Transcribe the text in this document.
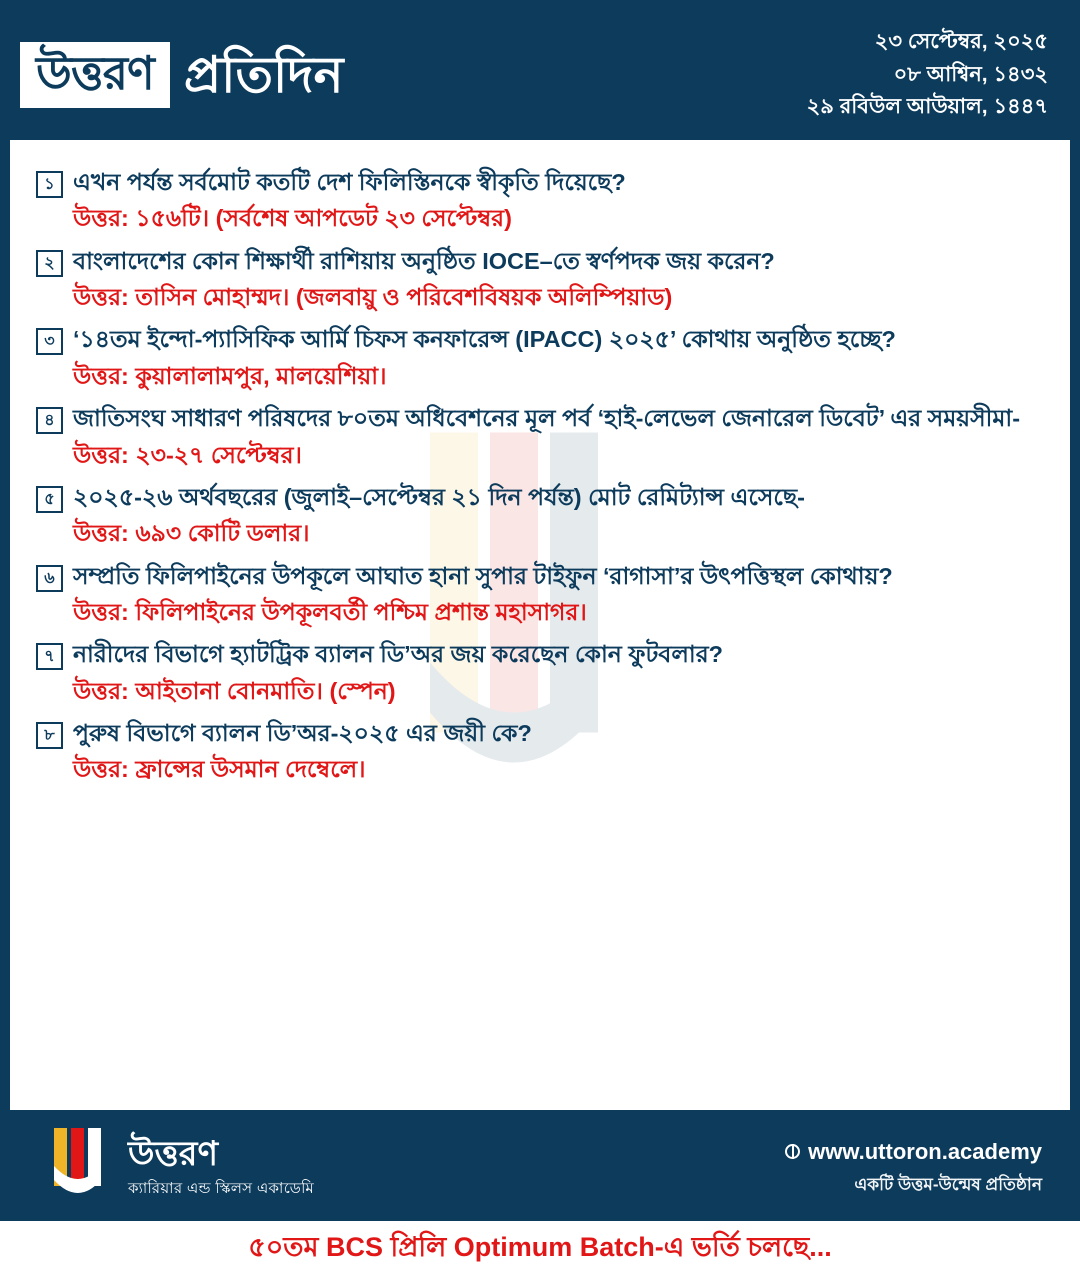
উত্তরণ প্রতিদিন
২৩ সেপ্টেম্বর, ২০২৫
০৮ আশ্বিন, ১৪৩২
২৯ রবিউল আউয়াল, ১৪৪৭
১ এখন পর্যন্ত সর্বমোট কতটি দেশ ফিলিস্তিনকে স্বীকৃতি দিয়েছে?
উত্তর: ১৫৬টি। (সর্বশেষ আপডেট ২৩ সেপ্টেম্বর)
২ বাংলাদেশের কোন শিক্ষার্থী রাশিয়ায় অনুষ্ঠিত IOCE–তে স্বর্ণপদক জয় করেন?
উত্তর: তাসিন মোহাম্মদ। (জলবায়ু ও পরিবেশবিষয়ক অলিম্পিয়াড)
৩ ‘১৪তম ইন্দো-প্যাসিফিক আর্মি চিফস কনফারেন্স (IPACC) ২০২৫’ কোথায় অনুষ্ঠিত হচ্ছে?
উত্তর: কুয়ালালামপুর, মালয়েশিয়া।
৪ জাতিসংঘ সাধারণ পরিষদের ৮০তম অধিবেশনের মূল পর্ব ‘হাই-লেভেল জেনারেল ডিবেট’ এর সময়সীমা-
উত্তর: ২৩-২৭ সেপ্টেম্বর।
৫ ২০২৫-২৬ অর্থবছরের (জুলাই–সেপ্টেম্বর ২১ দিন পর্যন্ত) মোট রেমিট্যান্স এসেছে-
উত্তর: ৬৯৩ কোটি ডলার।
৬ সম্প্রতি ফিলিপাইনের উপকূলে আঘাত হানা সুপার টাইফুন ‘রাগাসা’র উৎপত্তিস্থল কোথায়?
উত্তর: ফিলিপাইনের উপকূলবর্তী পশ্চিম প্রশান্ত মহাসাগর।
৭ নারীদের বিভাগে হ্যাটট্রিক ব্যালন ডি’অর জয় করেছেন কোন ফুটবলার?
উত্তর: আইতানা বোনমাতি। (স্পেন)
৮ পুরুষ বিভাগে ব্যালন ডি’অর-২০২৫ এর জয়ী কে?
উত্তর: ফ্রান্সের উসমান দেম্বেলে।
উত্তরণ
ক্যারিয়ার এন্ড স্কিলস একাডেমি
www.uttoron.academy
একটি উত্তম-উন্মেষ প্রতিষ্ঠান
৫০তম BCS প্রিলি Optimum Batch-এ ভর্তি চলছে...
